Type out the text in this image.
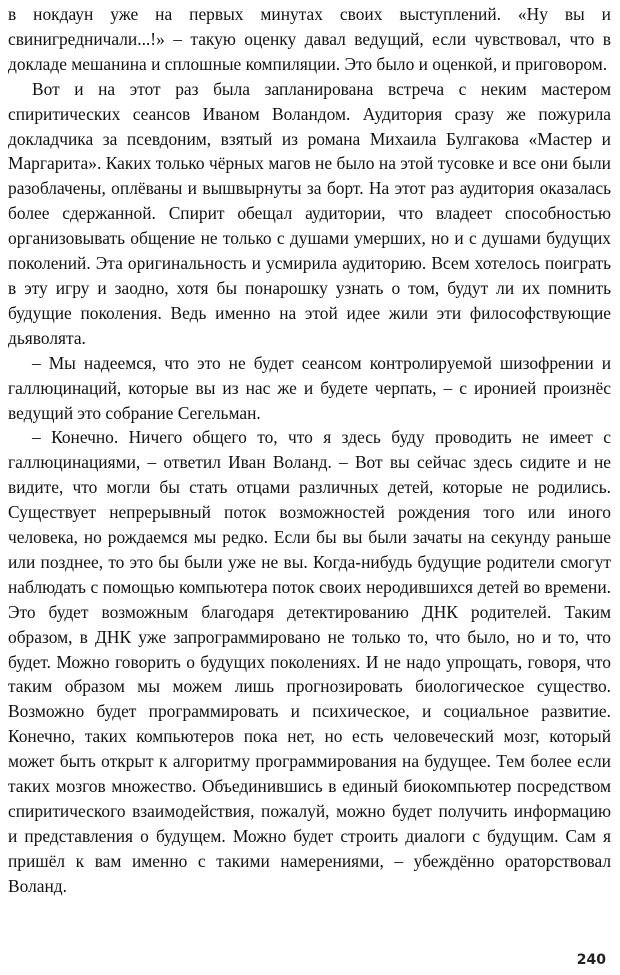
в нокдаун уже на первых минутах своих выступлений. «Ну вы и свинигредничали...!» – такую оценку давал ведущий, если чувствовал, что в докладе мешанина и сплошные компиляции. Это было и оценкой, и приговором.

Вот и на этот раз была запланирована встреча с неким мастером спиритических сеансов Иваном Воландом. Аудитория сразу же пожурила докладчика за псевдоним, взятый из романа Михаила Булгакова «Мастер и Маргарита». Каких только чёрных магов не было на этой тусовке и все они были разоблачены, оплёваны и вышвырнуты за борт. На этот раз аудитория оказалась более сдержанной. Спирит обещал аудитории, что владеет способностью организовывать общение не только с душами умерших, но и с душами будущих поколений. Эта оригинальность и усмирила аудиторию. Всем хотелось поиграть в эту игру и заодно, хотя бы понарошку узнать о том, будут ли их помнить будущие поколения. Ведь именно на этой идее жили эти философствующие дьяволята.

– Мы надеемся, что это не будет сеансом контролируемой шизофрении и галлюцинаций, которые вы из нас же и будете черпать, – с иронией произнёс ведущий это собрание Сегельман.

– Конечно. Ничего общего то, что я здесь буду проводить не имеет с галлюцинациями, – ответил Иван Воланд. – Вот вы сейчас здесь сидите и не видите, что могли бы стать отцами различных детей, которые не родились. Существует непрерывный поток возможностей рождения того или иного человека, но рождаемся мы редко. Если бы вы были зачаты на секунду раньше или позднее, то это бы были уже не вы. Когда-нибудь будущие родители смогут наблюдать с помощью компьютера поток своих неродившихся детей во времени. Это будет возможным благодаря детектированию ДНК родителей. Таким образом, в ДНК уже запрограммировано не только то, что было, но и то, что будет. Можно говорить о будущих поколениях. И не надо упрощать, говоря, что таким образом мы можем лишь прогнозировать биологическое существо. Возможно будет программировать и психическое, и социальное развитие. Конечно, таких компьютеров пока нет, но есть человеческий мозг, который может быть открыт к алгоритму программирования на будущее. Тем более если таких мозгов множество. Объединившись в единый биокомпьютер посредством спиритического взаимодействия, пожалуй, можно будет получить информацию и представления о будущем. Можно будет строить диалоги с будущим. Сам я пришёл к вам именно с такими намерениями, – убеждённо ораторствовал Воланд.

240
